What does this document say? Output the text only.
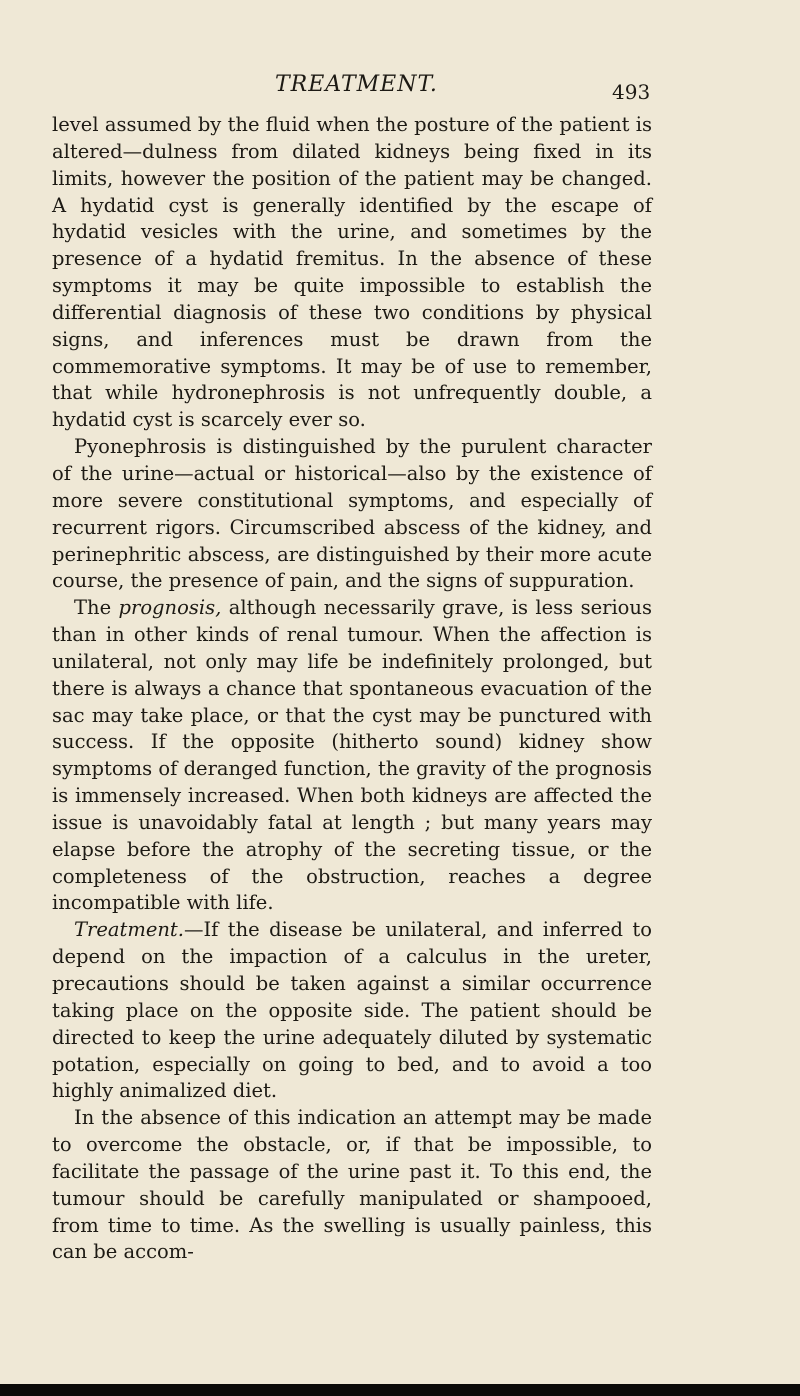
TREATMENT.	493

level assumed by the fluid when the posture of the patient is altered—dulness from dilated kidneys being fixed in its limits, however the position of the patient may be changed. A hydatid cyst is generally identified by the escape of hydatid vesicles with the urine, and sometimes by the presence of a hydatid fremitus. In the absence of these symptoms it may be quite impossible to establish the differential diagnosis of these two conditions by physical signs, and inferences must be drawn from the commemorative symptoms. It may be of use to remember, that while hydronephrosis is not unfrequently double, a hydatid cyst is scarcely ever so.

Pyonephrosis is distinguished by the purulent character of the urine—actual or historical—also by the existence of more severe constitutional symptoms, and especially of recurrent rigors. Circumscribed abscess of the kidney, and perinephritic abscess, are distinguished by their more acute course, the presence of pain, and the signs of suppuration.

The prognosis, although necessarily grave, is less serious than in other kinds of renal tumour. When the affection is unilateral, not only may life be indefinitely prolonged, but there is always a chance that spontaneous evacuation of the sac may take place, or that the cyst may be punctured with success. If the opposite (hitherto sound) kidney show symptoms of deranged function, the gravity of the prognosis is immensely increased. When both kidneys are affected the issue is unavoidably fatal at length ; but many years may elapse before the atrophy of the secreting tissue, or the completeness of the obstruction, reaches a degree incompatible with life.

Treatment.—If the disease be unilateral, and inferred to depend on the impaction of a calculus in the ureter, precautions should be taken against a similar occurrence taking place on the opposite side. The patient should be directed to keep the urine adequately diluted by systematic potation, especially on going to bed, and to avoid a too highly animalized diet.

In the absence of this indication an attempt may be made to overcome the obstacle, or, if that be impossible, to facilitate the passage of the urine past it. To this end, the tumour should be carefully manipulated or shampooed, from time to time. As the swelling is usually painless, this can be accom-
